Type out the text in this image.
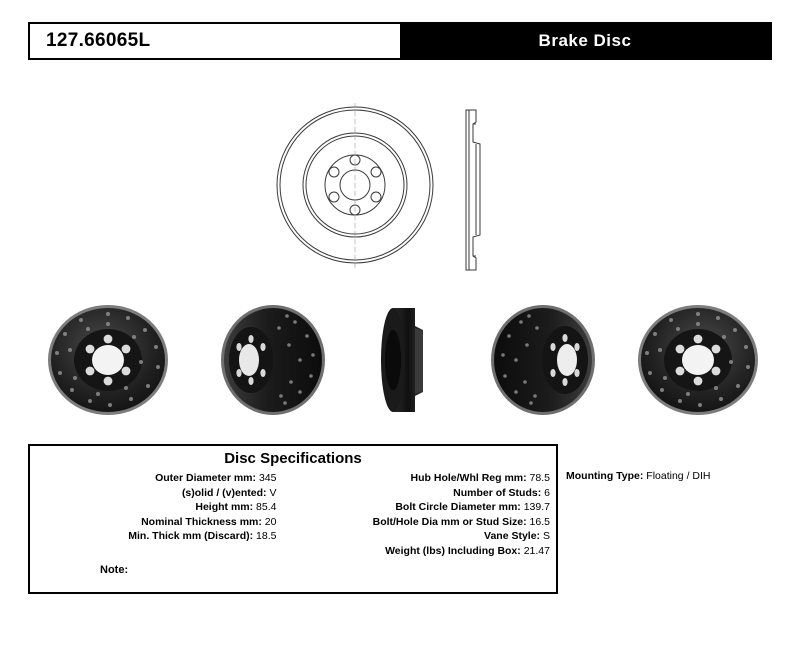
127.66065L	Brake Disc
Disc Specifications
Outer Diameter mm: 345
(s)olid / (v)ented: V
Height mm: 85.4
Nominal Thickness mm: 20
Min. Thick mm (Discard): 18.5
Hub Hole/Whl Reg mm: 78.5
Number of Studs: 6
Bolt Circle Diameter mm: 139.7
Bolt/Hole Dia mm or Stud Size: 16.5
Vane Style: S
Weight (lbs) Including Box: 21.47
Note:
Mounting Type: Floating / DIH
